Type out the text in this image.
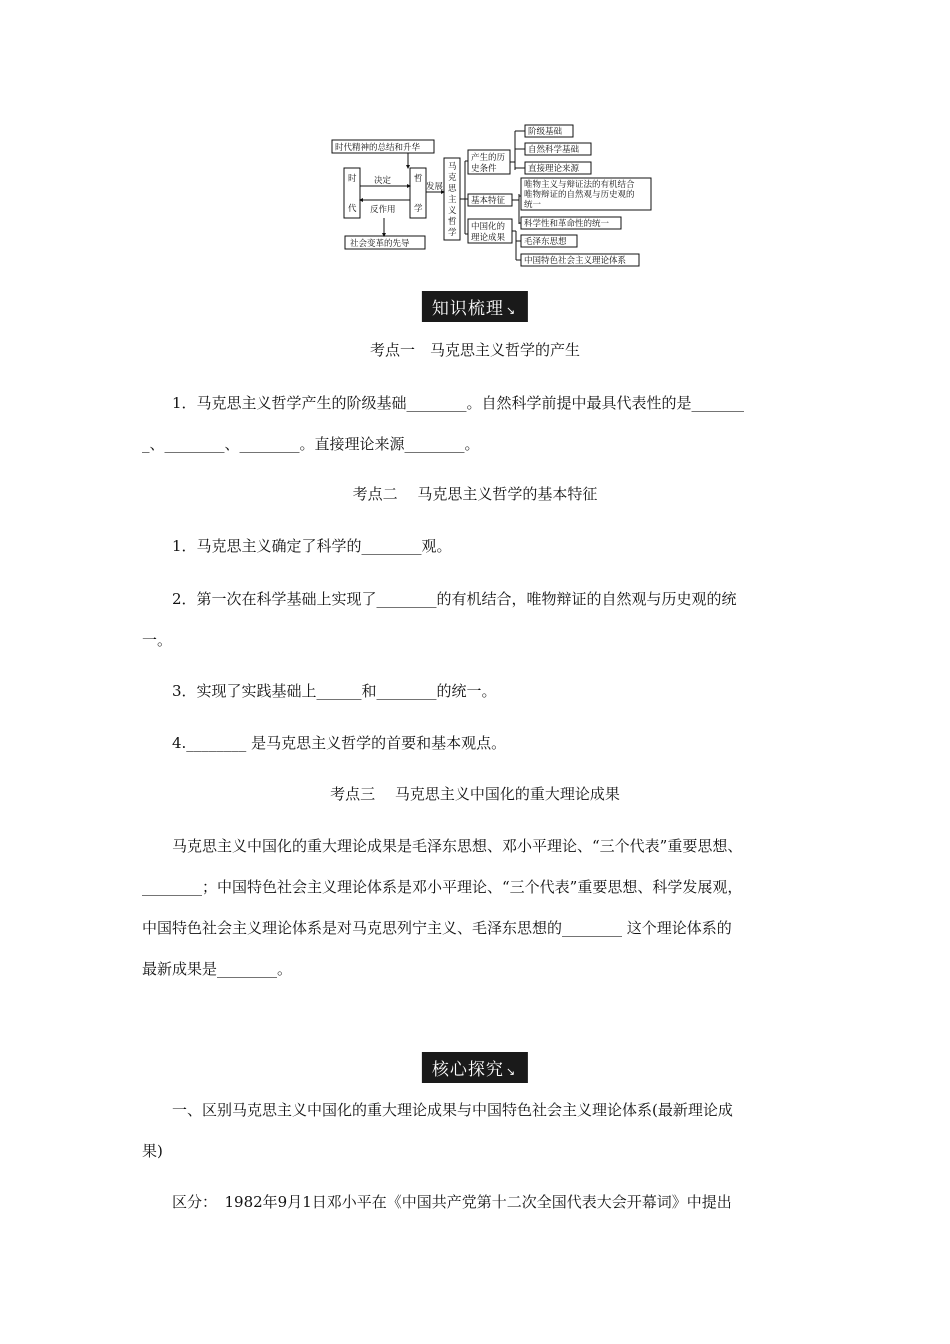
时代精神的总结和升华
社会变革的先导
时
代
哲
学
决定
反作用
发展
马
克
思
主
义
哲
学
产生的历
史条件
阶级基础
自然科学基础
直接理论来源
基本特征
唯物主义与辩证法的有机结合
唯物辩证的自然观与历史观的
统一
科学性和革命性的统一
中国化的
理论成果 毛泽东思想
中国特色社会主义理论体系
知识梳理 ↘
考点一　马克思主义哲学的产生
1．马克思主义哲学产生的阶级基础________。自然科学前提中最具代表性的是_______
_、________、________。直接理论来源________。
考点二　 马克思主义哲学的基本特征
1．马克思主义确定了科学的________观。
2．第一次在科学基础上实现了________的有机结合，唯物辩证的自然观与历史观的统
一。
3．实现了实践基础上______和________的统一。
4.________ 是马克思主义哲学的首要和基本观点。
考点三　 马克思主义中国化的重大理论成果
马克思主义中国化的重大理论成果是毛泽东思想、邓小平理论、“三个代表”重要思想、
________；中国特色社会主义理论体系是邓小平理论、“三个代表”重要思想、科学发展观，
中国特色社会主义理论体系是对马克思列宁主义、毛泽东思想的________ 这个理论体系的
最新成果是________。
核心探究 ↘
一、区别马克思主义中国化的重大理论成果与中国特色社会主义理论体系(最新理论成
果)
区分：　1982年9月1日邓小平在《中国共产党第十二次全国代表大会开幕词》中提出
